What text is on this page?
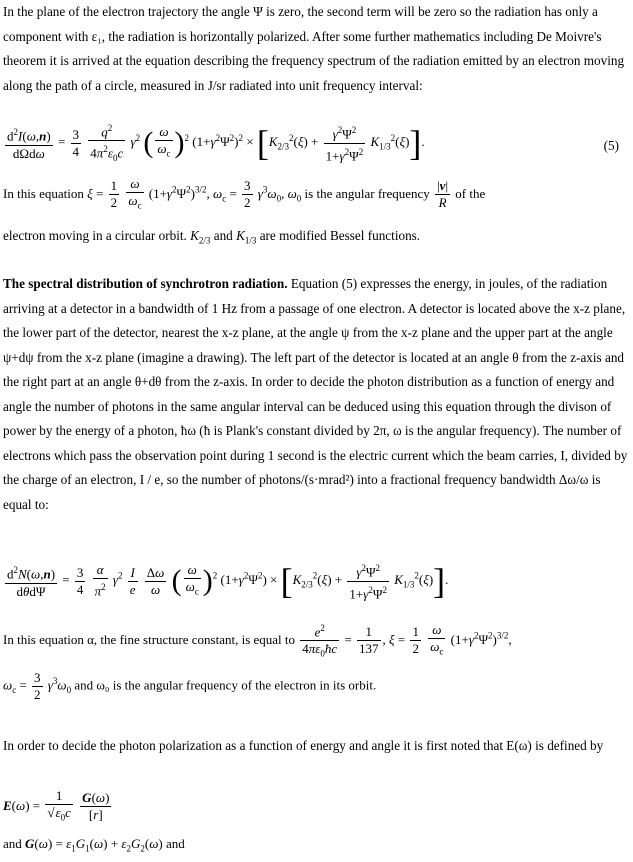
In the plane of the electron trajectory the angle Ψ is zero, the second term will be zero so the radiation has only a component with ε₁, the radiation is horizontally polarized. After some further mathematics including De Moivre's theorem it is arrived at the equation describing the frequency spectrum of the radiation emitted by an electron moving along the path of a circle, measured in J/sr radiated into unit frequency interval:
$\frac{d^2I(\omega,n)}{\text{dΩdω}} = \frac{3}{4}$
$\frac{q^2}{4\pi^2\varepsilon_0c} \gamma^2$ ( $\frac{\omega}{\omega_c} )^2$ $(1+\gamma^2\Psi^2)^2 \times [K_{2/3}^2(\xi) + \frac{\gamma^2\Psi^2}{1+\gamma^2\Psi^2} K_{1/3}^2(\xi)]$.	(5)
In this equation $\xi = \frac{1}{2}$
$\frac{\omega}{\omega_c} (1+\gamma^2\Psi^2)^{3/2}$, $\omega_c = \frac{3}{2} \gamma^3\omega_0$, $\omega_0$ is the angular frequency $\frac{|v|}{R}$ of the
electron moving in a circular orbit. $K_{2/3}$ and $K_{1/3}$ are modified Bessel functions.
The spectral distribution of synchrotron radiation. Equation (5) expresses the energy, in joules, of the radiation arriving at a detector in a bandwidth of 1 Hz from a passage of one electron. A detector is located above the x-z plane, the lower part of the detector, nearest the x-z plane, at the angle ψ from the x-z plane and the upper part at the angle ψ+dψ from the x-z plane (imagine a drawing). The left part of the detector is located at an angle θ from the z-axis and the right part at an angle θ+dθ from the z-axis. In order to decide the photon distribution as a function of energy and angle the number of photons in the same angular interval can be deduced using this equation through the divison of power by the energy of a photon, ħω (ħ is Plank's constant divided by 2π, ω is the angular frequency). The number of electrons which pass the observation point during 1 second is the electric current which the beam carries, I, divided by the charge of an electron, I / e, so the number of photons/(s·mrad²) into a fractional frequency bandwidth Δω/ω is equal to:
$\frac{d^2N(\omega,n)}{\text{dθdΨ}} = \frac{3}{4}$
$\frac{\alpha}{\pi^2} \gamma^2 \frac{I}{e}$
$\frac{\Delta\omega}{\omega}$ ( $\frac{\omega}{\omega_c} )^2$ $(1+\gamma^2\Psi^2) \times [K_{2/3}^2(\xi) + \frac{\gamma^2\Psi^2}{1+\gamma^2\Psi^2} K_{1/3}^2(\xi)]$.
In this equation α, the fine structure constant, is equal to $\frac{e^2}{4\pi\varepsilon_0ħc} = \frac{1}{137}$ , $\xi = \frac{1}{2}$
$\frac{\omega}{\omega_c} (1+\gamma^2\Psi^2)^{3/2}$,
$\omega_c = \frac{3}{2} \gamma^3\omega_0$ and ω₀ is the angular frequency of the electron in its orbit.
In order to decide the photon polarization as a function of energy and angle it is first noted that E(ω) is defined by
$E(\omega) = \frac{1}{√\varepsilon_0c}$
$\frac{G(\omega)}{[r]}$
and $G(\omega) = \varepsilon_1G_1(\omega) + \varepsilon_2G_2(\omega)$ and
